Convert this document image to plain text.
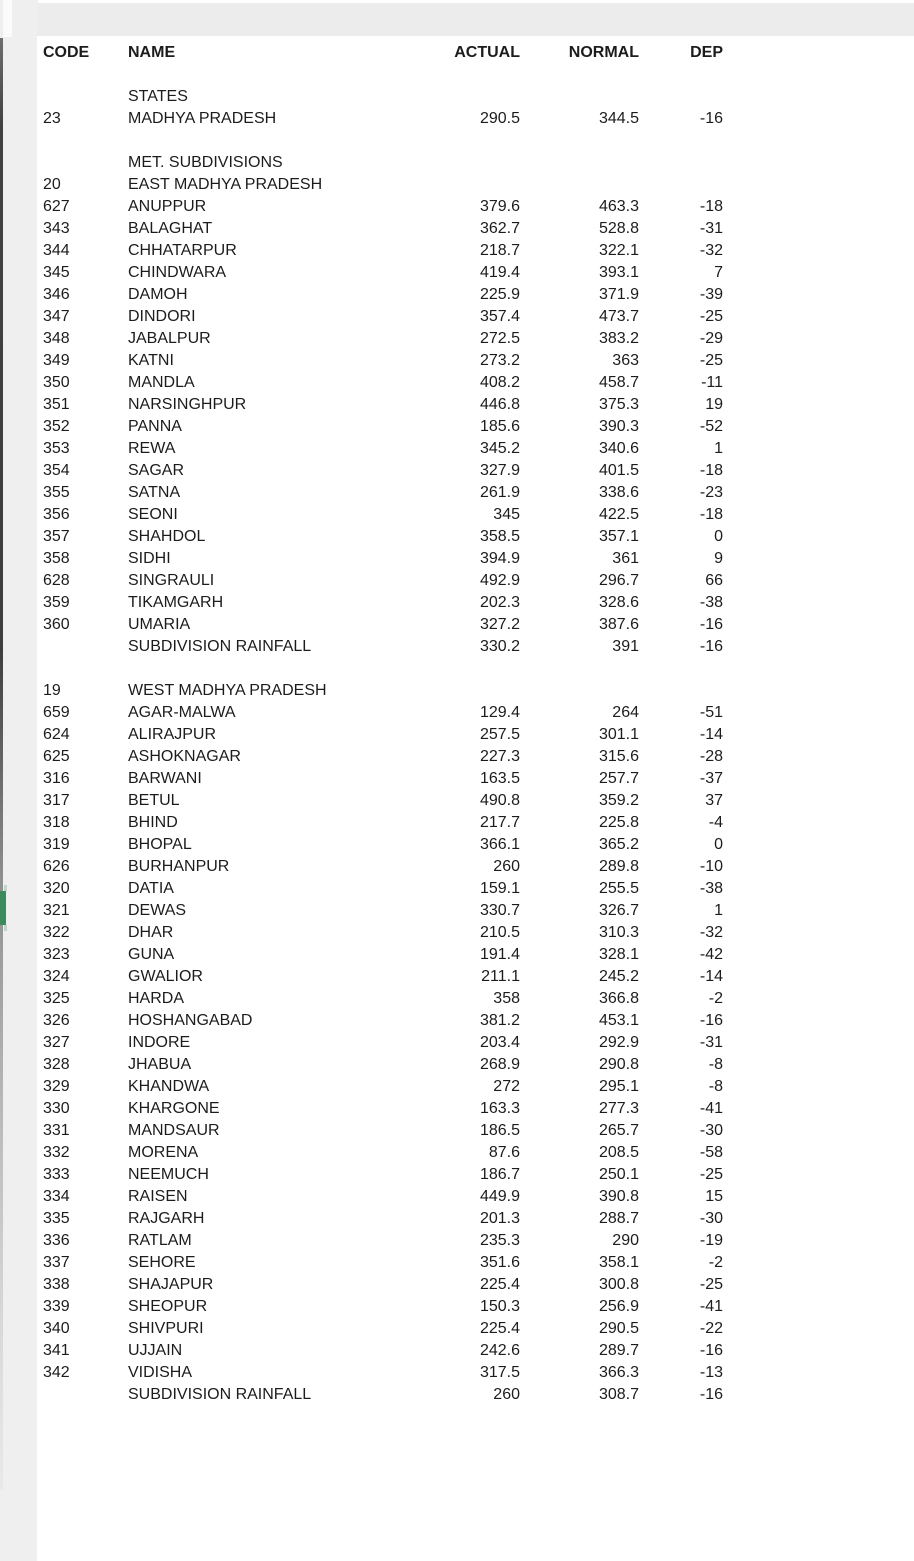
CODE	NAME	ACTUAL	NORMAL	DEP
STATES
23	MADHYA PRADESH	290.5	344.5	-16
MET. SUBDIVISIONS
20	EAST MADHYA PRADESH
627	ANUPPUR	379.6	463.3	-18
343	BALAGHAT	362.7	528.8	-31
344	CHHATARPUR	218.7	322.1	-32
345	CHINDWARA	419.4	393.1	7
346	DAMOH	225.9	371.9	-39
347	DINDORI	357.4	473.7	-25
348	JABALPUR	272.5	383.2	-29
349	KATNI	273.2	363	-25
350	MANDLA	408.2	458.7	-11
351	NARSINGHPUR	446.8	375.3	19
352	PANNA	185.6	390.3	-52
353	REWA	345.2	340.6	1
354	SAGAR	327.9	401.5	-18
355	SATNA	261.9	338.6	-23
356	SEONI	345	422.5	-18
357	SHAHDOL	358.5	357.1	0
358	SIDHI	394.9	361	9
628	SINGRAULI	492.9	296.7	66
359	TIKAMGARH	202.3	328.6	-38
360	UMARIA	327.2	387.6	-16
SUBDIVISION RAINFALL	330.2	391	-16
19	WEST MADHYA PRADESH
659	AGAR-MALWA	129.4	264	-51
624	ALIRAJPUR	257.5	301.1	-14
625	ASHOKNAGAR	227.3	315.6	-28
316	BARWANI	163.5	257.7	-37
317	BETUL	490.8	359.2	37
318	BHIND	217.7	225.8	-4
319	BHOPAL	366.1	365.2	0
626	BURHANPUR	260	289.8	-10
320	DATIA	159.1	255.5	-38
321	DEWAS	330.7	326.7	1
322	DHAR	210.5	310.3	-32
323	GUNA	191.4	328.1	-42
324	GWALIOR	211.1	245.2	-14
325	HARDA	358	366.8	-2
326	HOSHANGABAD	381.2	453.1	-16
327	INDORE	203.4	292.9	-31
328	JHABUA	268.9	290.8	-8
329	KHANDWA	272	295.1	-8
330	KHARGONE	163.3	277.3	-41
331	MANDSAUR	186.5	265.7	-30
332	MORENA	87.6	208.5	-58
333	NEEMUCH	186.7	250.1	-25
334	RAISEN	449.9	390.8	15
335	RAJGARH	201.3	288.7	-30
336	RATLAM	235.3	290	-19
337	SEHORE	351.6	358.1	-2
338	SHAJAPUR	225.4	300.8	-25
339	SHEOPUR	150.3	256.9	-41
340	SHIVPURI	225.4	290.5	-22
341	UJJAIN	242.6	289.7	-16
342	VIDISHA	317.5	366.3	-13
SUBDIVISION RAINFALL	260	308.7	-16
